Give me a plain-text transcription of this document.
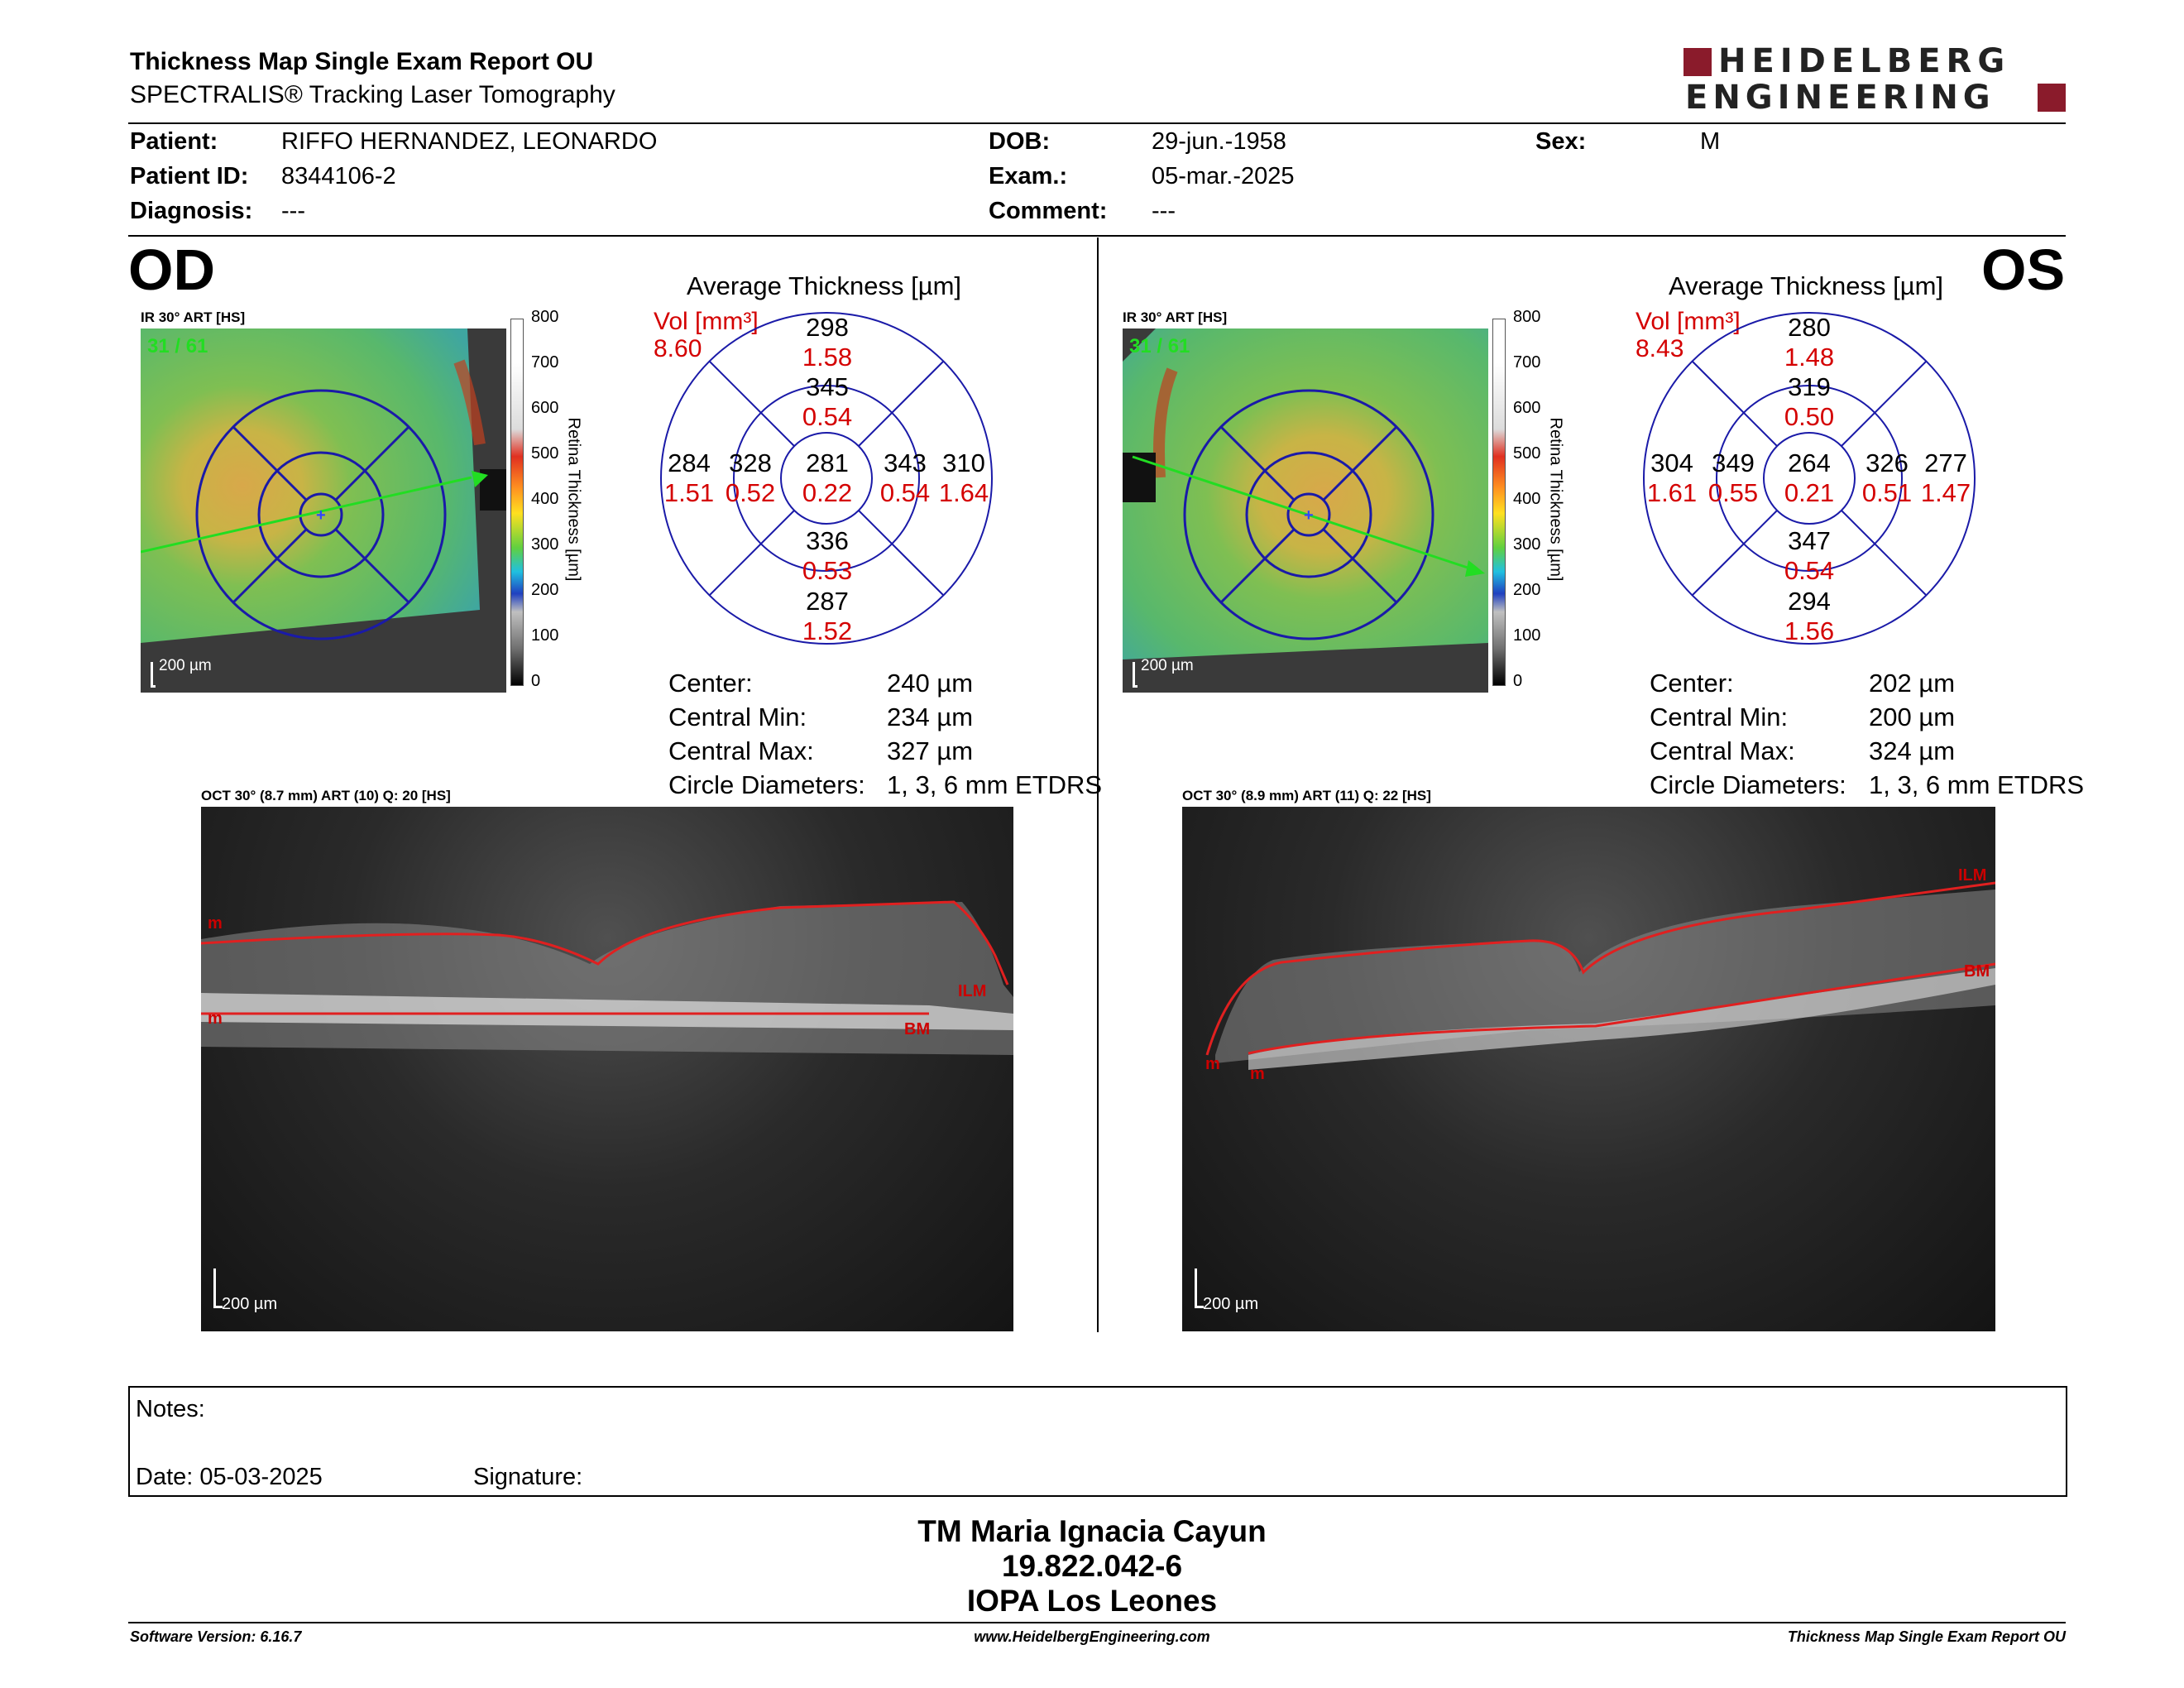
Thickness Map Single Exam Report OU
SPECTRALIS® Tracking Laser Tomography
HEIDELBERG
ENGINEERING
Patient:	RIFFO HERNANDEZ, LEONARDO
Patient ID: 8344106-2
Diagnosis: ---
DOB:	29-jun.-1958
Exam.:	05-mar.-2025
Comment: ---
Sex:	M
OD
IR 30° ART [HS]
+
31 / 61
200 µm
800
700
600
500
400
300
200
100
0
Retina Thickness [µm]
Average Thickness [µm]
Vol [mm³]
8.60
298
1.58
345
0.54
281
0.22
336
0.53
287
1.52
284
1.51
328
0.52
343
0.54
310
1.64
Center:	240 µm
Central Min:	234 µm
Central Max:	327 µm
Circle Diameters: 1, 3, 6 mm ETDRS
OCT 30° (8.7 mm) ART (10) Q: 20 [HS]
ILM
BM
m
m
200 µm
OS
IR 30° ART [HS]
+
31 / 61
200 µm
800
700
600
500
400
300
200
100
0
Retina Thickness [µm]
Average Thickness [µm]
Vol [mm³]
8.43
280
1.48
319
0.50
264
0.21
347
0.54
294
1.56
304
1.61
349
0.55
326
0.51
277
1.47
Center:	202 µm
Central Min:	200 µm
Central Max:	324 µm
Circle Diameters: 1, 3, 6 mm ETDRS
OCT 30° (8.9 mm) ART (11) Q: 22 [HS]
ILM
BM
m
m
200 µm
Notes:
Date: 05-03-2025	Signature:
TM Maria Ignacia Cayun
19.822.042-6
IOPA Los Leones
Software Version: 6.16.7	www.HeidelbergEngineering.com	Thickness Map Single Exam Report OU
